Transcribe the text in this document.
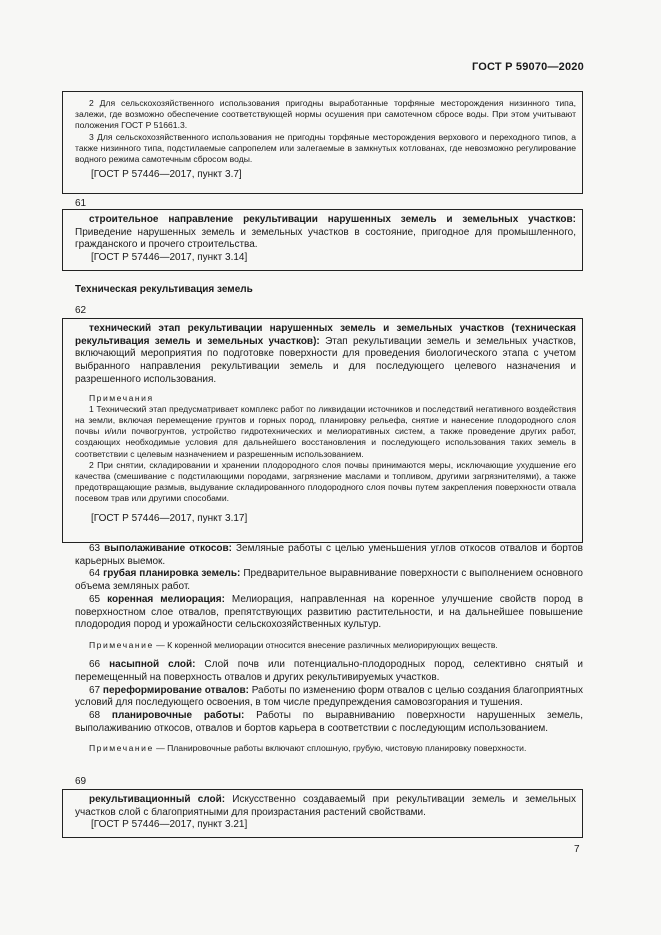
ГОСТ Р 59070—2020

2 Для сельскохозяйственного использования пригодны выработанные торфяные месторождения низинного типа, залежи, где возможно обеспечение соответствующей нормы осушения при самотечном сбросе воды. При этом учитывают положения ГОСТ Р 51661.3.

3 Для сельскохозяйственного использования не пригодны торфяные месторождения верхового и переходного типов, а также низинного типа, подстилаемые сапропелем или залегаемые в замкнутых котлованах, где невозможно регулирование водного режима самотечным сбросом воды.

[ГОСТ Р 57446—2017, пункт 3.7]

61

строительное направление рекультивации нарушенных земель и земельных участков: Приведение нарушенных земель и земельных участков в состояние, пригодное для промышленного, гражданского и прочего строительства.

[ГОСТ Р 57446—2017, пункт 3.14]

Техническая рекультивация земель
62

технический этап рекультивации нарушенных земель и земельных участков (техническая рекультивация земель и земельных участков): Этап рекультивации земель и земельных участков, включающий мероприятия по подготовке поверхности для проведения биологического этапа с учетом выбранного направления рекультивации земель и для последующего целевого назначения и разрешенного использования.

Примечания

1 Технический этап предусматривает комплекс работ по ликвидации источников и последствий негативного воздействия на земли, включая перемещение грунтов и горных пород, планировку рельефа, снятие и нанесение плодородного слоя почвы и/или почвогрунтов, устройство гидротехнических и мелиоративных систем, а также проведение других работ, создающих необходимые условия для дальнейшего восстановления и последующего использования таких земель в соответствии с целевым назначением и разрешенным использованием.

2 При снятии, складировании и хранении плодородного слоя почвы принимаются меры, исключающие ухудшение его качества (смешивание с подстилающими породами, загрязнение маслами и топливом, другими загрязнителями), а также предотвращающие размыв, выдувание складированного плодородного слоя почвы путем закрепления поверхности отвала посевом трав или другими способами.

[ГОСТ Р 57446—2017, пункт 3.17]

63 выполаживание откосов: Земляные работы с целью уменьшения углов откосов отвалов и бортов карьерных выемок.

64 грубая планировка земель: Предварительное выравнивание поверхности с выполнением основного объема земляных работ.

65 коренная мелиорация: Мелиорация, направленная на коренное улучшение свойств пород в поверхностном слое отвалов, препятствующих развитию растительности, и на дальнейшее повышение плодородия пород и урожайности сельскохозяйственных культур.

Примечание — К коренной мелиорации относится внесение различных мелиорирующих веществ.

66 насыпной слой: Слой почв или потенциально-плодородных пород, селективно снятый и перемещенный на поверхность отвалов и других рекультивируемых участков.

67 переформирование отвалов: Работы по изменению форм отвалов с целью создания благоприятных условий для последующего освоения, в том числе предупреждения самовозгорания и тушения.

68 планировочные работы: Работы по выравниванию поверхности нарушенных земель, выполаживанию откосов, отвалов и бортов карьера в соответствии с последующим использованием.

Примечание — Планировочные работы включают сплошную, грубую, чистовую планировку поверхности.

69

рекультивационный слой: Искусственно создаваемый при рекультивации земель и земельных участков слой с благоприятными для произрастания растений свойствами.

[ГОСТ Р 57446—2017, пункт 3.21]

7
